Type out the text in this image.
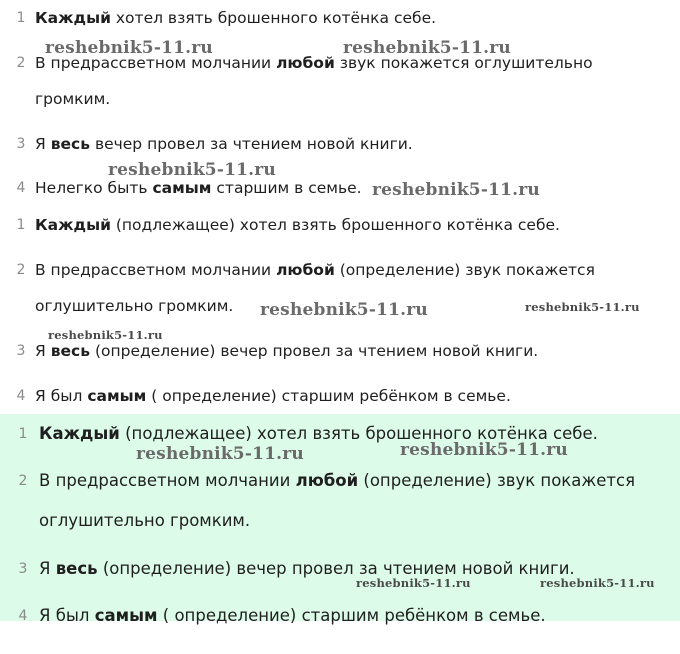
1 Каждый хотел взять брошенного котёнка себе.
2 В предрассветном молчании любой звук покажется оглушительно
громким.
3 Я весь вечер провел за чтением новой книги.
4 Нелегко быть самым старшим в семье.
1 Каждый (подлежащее) хотел взять брошенного котёнка себе.
2 В предрассветном молчании любой (определение) звук покажется
оглушительно громким.
3 Я весь (определение) вечер провел за чтением новой книги.
4 Я был самым ( определение) старшим ребёнком в семье.
1 Каждый (подлежащее) хотел взять брошенного котёнка себе.
2 В предрассветном молчании любой (определение) звук покажется
оглушительно громким.
3 Я весь (определение) вечер провел за чтением новой книги.
4 Я был самым ( определение) старшим ребёнком в семье.
reshebnik5-11.ru	reshebnik5-11.ru
reshebnik5-11.ru
reshebnik5-11.ru
reshebnik5-11.ru	reshebnik5-11.ru
reshebnik5-11.ru
reshebnik5-11.ru	reshebnik5-11.ru
reshebnik5-11.ru	reshebnik5-11.ru
